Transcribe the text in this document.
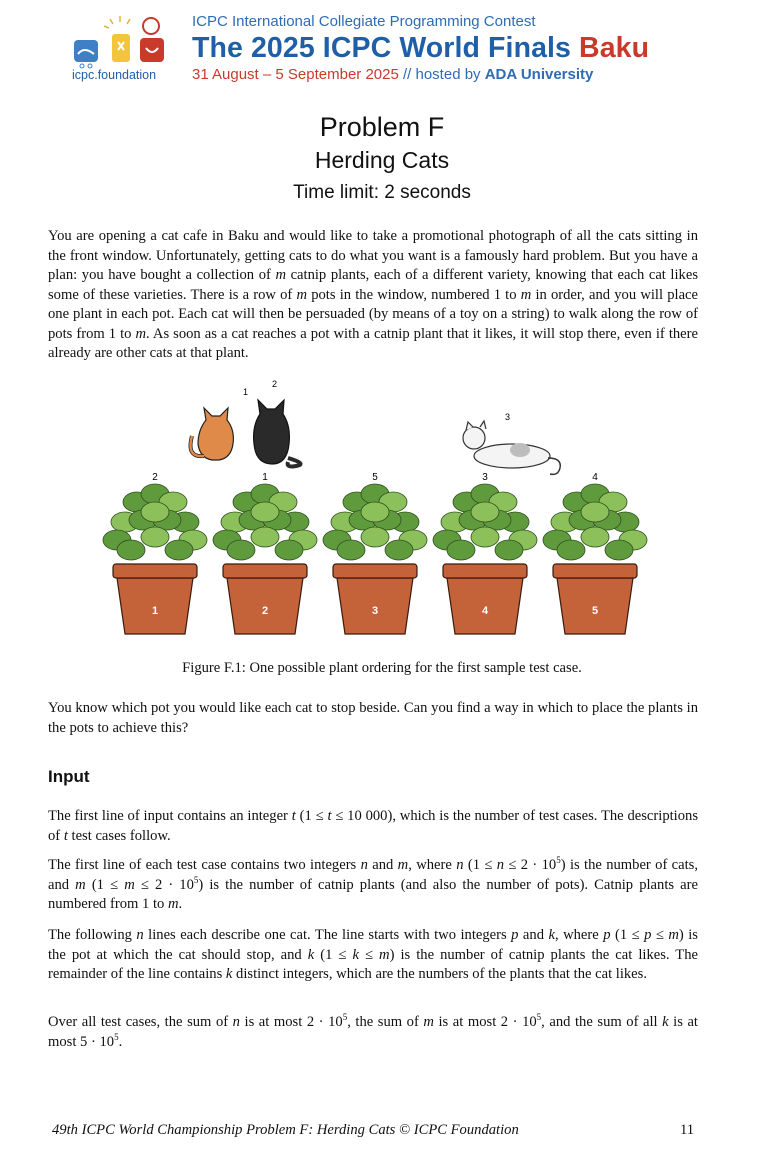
icpc.foundation
ICPC International Collegiate Programming Contest
The 2025 ICPC World Finals Baku
31 August – 5 September 2025 // hosted by ADA University
Problem F
Herding Cats
Time limit: 2 seconds
You are opening a cat cafe in Baku and would like to take a promotional photograph of all the cats sitting in the front window. Unfortunately, getting cats to do what you want is a famously hard problem. But you have a plan: you have bought a collection of m catnip plants, each of a different variety, knowing that each cat likes some of these varieties. There is a row of m pots in the window, numbered 1 to m in order, and you will place one plant in each pot. Each cat will then be persuaded (by means of a toy on a string) to walk along the row of pots from 1 to m. As soon as a cat reaches a pot with a catnip plant that it likes, it will stop there, even if there already are other cats at that plant.
1
2
2
1
3
5
4
3
5
4
1
2
3
Figure F.1: One possible plant ordering for the first sample test case.
You know which pot you would like each cat to stop beside. Can you find a way in which to place the plants in the pots to achieve this?
Input
The first line of input contains an integer t (1 ≤ t ≤ 10 000), which is the number of test cases. The descriptions of t test cases follow.
The first line of each test case contains two integers n and m, where n $(1 \le n \le 2 \cdot 10^5)$ is the number of cats, and m $(1 \le m \le 2 \cdot 10^5)$ is the number of catnip plants (and also the number of pots). Catnip plants are numbered from 1 to m.
The following n lines each describe one cat. The line starts with two integers p and k, where p (1 ≤ p ≤ m) is the pot at which the cat should stop, and k (1 ≤ k ≤ m) is the number of catnip plants the cat likes. The remainder of the line contains k distinct integers, which are the numbers of the plants that the cat likes.
Over all test cases, the sum of n is at most $2 \cdot 10^5$, the sum of m is at most $2 \cdot 10^5$, and the sum of all k is at most $5 \cdot 10^5$.
49th ICPC World Championship Problem F: Herding Cats © ICPC Foundation	11
